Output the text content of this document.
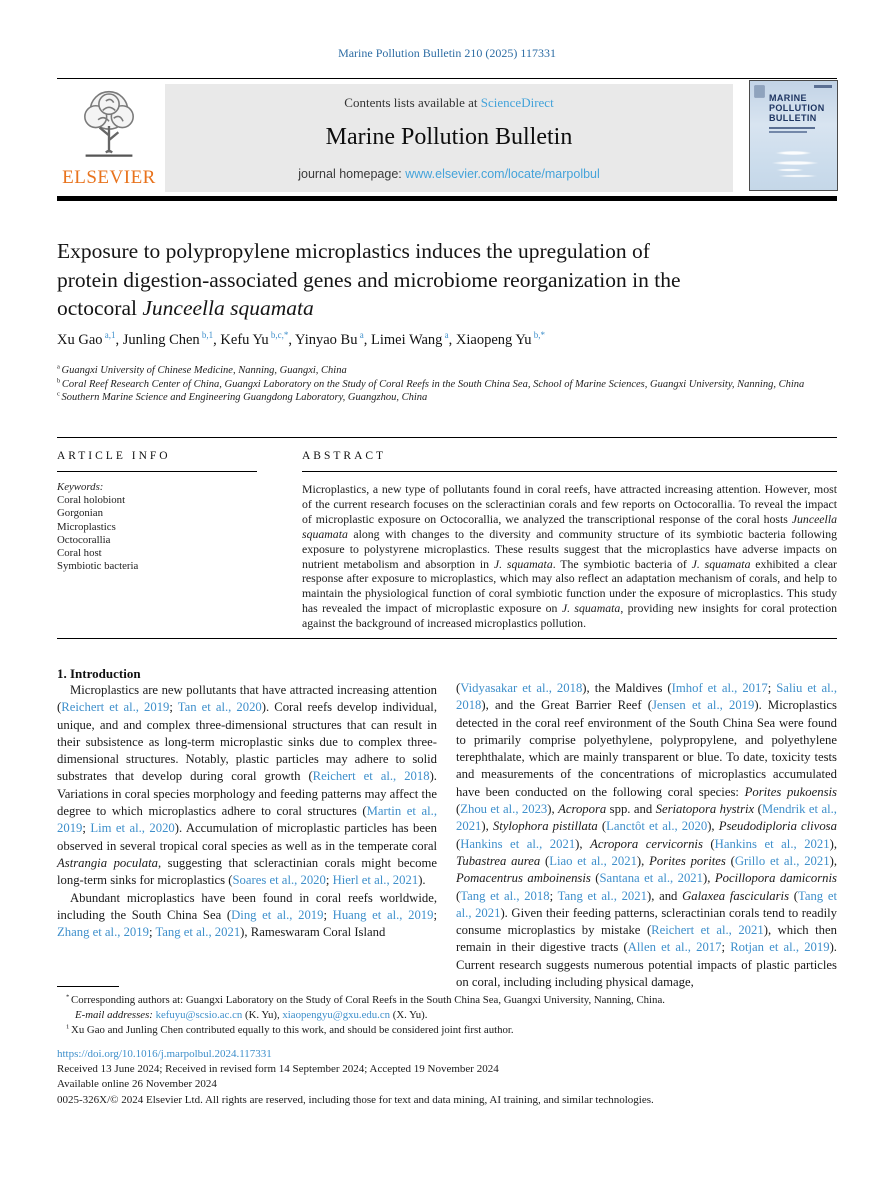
Marine Pollution Bulletin 210 (2025) 117331
ELSEVIER
Contents lists available at ScienceDirect
Marine Pollution Bulletin
journal homepage: www.elsevier.com/locate/marpolbul
MARINE
POLLUTION
BULLETIN
Exposure to polypropylene microplastics induces the upregulation of
protein digestion-associated genes and microbiome reorganization in the
octocoral Junceella squamata
Xu Gao $^{a,1}$, Junling Chen $^{b,1}$, Kefu Yu $^{b,c,*}$, Yinyao Bu $^a$, Limei Wang $^a$, Xiaopeng Yu $^{b,*}$
$^a$ Guangxi University of Chinese Medicine, Nanning, Guangxi, China
$^b$ Coral Reef Research Center of China, Guangxi Laboratory on the Study of Coral Reefs in the South China Sea, School of Marine Sciences, Guangxi University, Nanning, China
$^c$ Southern Marine Science and Engineering Guangdong Laboratory, Guangzhou, China
ARTICLE INFO
Keywords:
Coral holobiont
Gorgonian
Microplastics
Octocorallia
Coral host
Symbiotic bacteria
ABSTRACT
Microplastics, a new type of pollutants found in coral reefs, have attracted increasing attention. However, most of the current research focuses on the scleractinian corals and few reports on Octocorallia. To reveal the impact of microplastic exposure on Octocorallia, we analyzed the transcriptional response of the coral hosts Junceella squamata along with changes to the diversity and community structure of its symbiotic bacteria following exposure to polystyrene microplastics. These results suggest that the microplastics have adverse impacts on nutrient metabolism and absorption in J. squamata. The symbiotic bacteria of J. squamata exhibited a clear response after exposure to microplastics, which may also reflect an adaptation mechanism of corals, and help to maintain the physiological function of coral symbiotic function under the exposure of microplastics. This study has revealed the impact of microplastic exposure on J. squamata, providing new insights for coral protection against the background of increased microplastics pollution.
1. Introduction
Microplastics are new pollutants that have attracted increasing attention (Reichert et al., 2019; Tan et al., 2020). Coral reefs develop individual, unique, and and complex three-dimensional structures that can result in their subsistence as long-term microplastic sinks due to complex three-dimensional structures. Notably, plastic particles may adhere to solid substrates that develop during coral growth (Reichert et al., 2018). Variations in coral species morphology and feeding patterns may affect the degree to which microplastics adhere to coral structures (Martin et al., 2019; Lim et al., 2020). Accumulation of microplastic particles has been observed in several tropical coral species as well as in the temperate coral Astrangia poculata, suggesting that scleractinian corals might become long-term sinks for microplastics (Soares et al., 2020; Hierl et al., 2021).
Abundant microplastics have been found in coral reefs worldwide, including the South China Sea (Ding et al., 2019; Huang et al., 2019; Zhang et al., 2019; Tang et al., 2021), Rameswaram Coral Island
(Vidyasakar et al., 2018), the Maldives (Imhof et al., 2017; Saliu et al., 2018), and the Great Barrier Reef (Jensen et al., 2019). Microplastics detected in the coral reef environment of the South China Sea were found to primarily comprise polyethylene, polypropylene, and polyethylene terephthalate, which are mainly transparent or blue. To date, toxicity tests and measurements of the concentrations of microplastics accumulated have been conducted on the following coral species: Porites pukoensis (Zhou et al., 2023), Acropora spp. and Seriatopora hystrix (Mendrik et al., 2021), Stylophora pistillata (Lanctôt et al., 2020), Pseudodiploria clivosa (Hankins et al., 2021), Acropora cervicornis (Hankins et al., 2021), Tubastrea aurea (Liao et al., 2021), Porites porites (Grillo et al., 2021), Pomacentrus amboinensis (Santana et al., 2021), Pocillopora damicornis (Tang et al., 2018; Tang et al., 2021), and Galaxea fascicularis (Tang et al., 2021). Given their feeding patterns, scleractinian corals tend to readily consume microplastics by mistake (Reichert et al., 2021), which then remain in their digestive tracts (Allen et al., 2017; Rotjan et al., 2019). Current research suggests numerous potential impacts of plastic particles on coral, including including physical damage,
* Corresponding authors at: Guangxi Laboratory on the Study of Coral Reefs in the South China Sea, Guangxi University, Nanning, China.
E-mail addresses: kefuyu@scsio.ac.cn (K. Yu), xiaopengyu@gxu.edu.cn (X. Yu).
$^1$ Xu Gao and Junling Chen contributed equally to this work, and should be considered joint first author.
https://doi.org/10.1016/j.marpolbul.2024.117331
Received 13 June 2024; Received in revised form 14 September 2024; Accepted 19 November 2024
Available online 26 November 2024
0025-326X/© 2024 Elsevier Ltd. All rights are reserved, including those for text and data mining, AI training, and similar technologies.
